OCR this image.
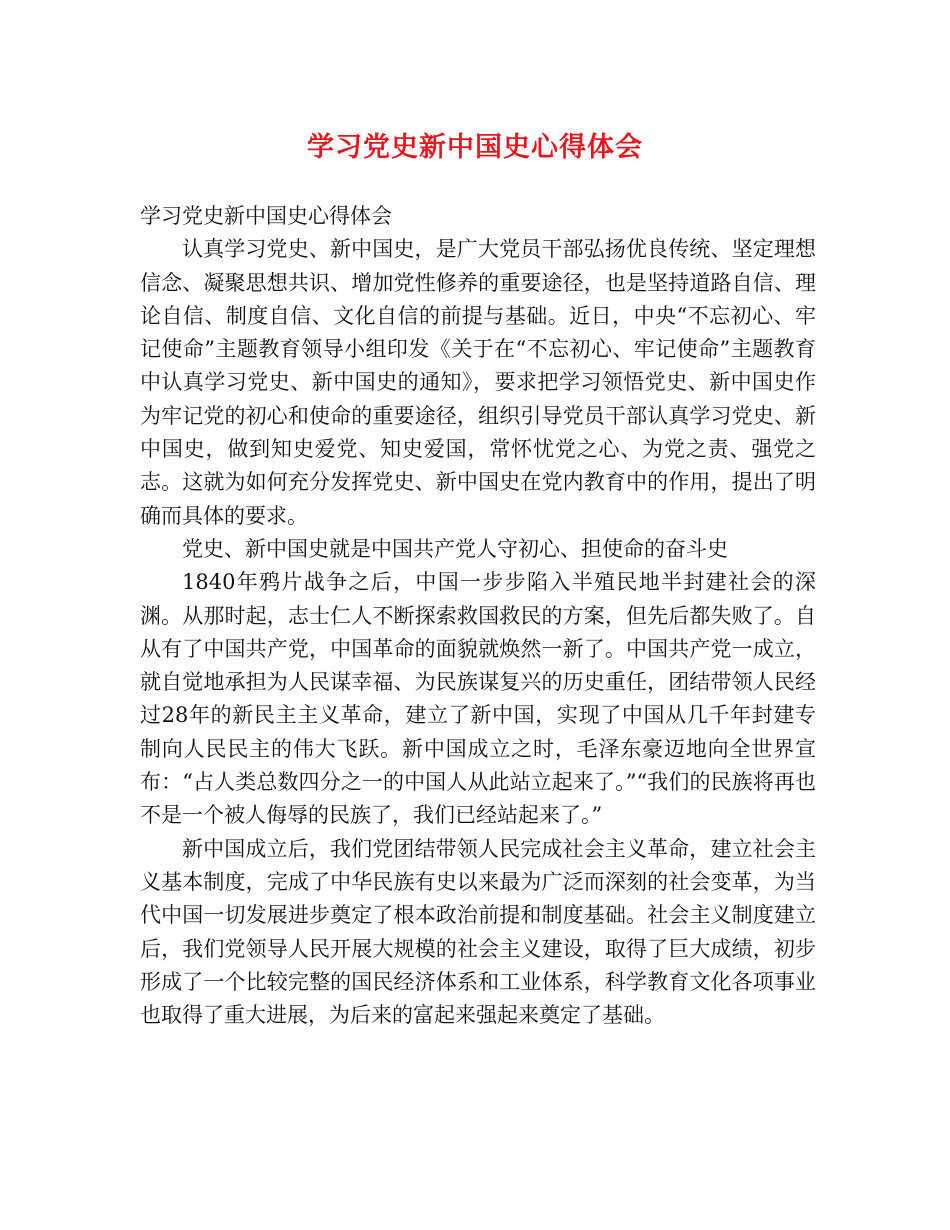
学习党史新中国史心得体会

学习党史新中国史心得体会

认真学习党史、新中国史，是广大党员干部弘扬优良传统、坚定理想信念、凝聚思想共识、增加党性修养的重要途径，也是坚持道路自信、理论自信、制度自信、文化自信的前提与基础。近日，中央“不忘初心、牢记使命”主题教育领导小组印发《关于在“不忘初心、牢记使命”主题教育中认真学习党史、新中国史的通知》，要求把学习领悟党史、新中国史作为牢记党的初心和使命的重要途径，组织引导党员干部认真学习党史、新中国史，做到知史爱党、知史爱国，常怀忧党之心、为党之责、强党之志。这就为如何充分发挥党史、新中国史在党内教育中的作用，提出了明确而具体的要求。

党史、新中国史就是中国共产党人守初心、担使命的奋斗史

1840年鸦片战争之后，中国一步步陷入半殖民地半封建社会的深渊。从那时起，志士仁人不断探索救国救民的方案，但先后都失败了。自从有了中国共产党，中国革命的面貌就焕然一新了。中国共产党一成立，就自觉地承担为人民谋幸福、为民族谋复兴的历史重任，团结带领人民经过28年的新民主主义革命，建立了新中国，实现了中国从几千年封建专制向人民民主的伟大飞跃。新中国成立之时，毛泽东豪迈地向全世界宣布：“占人类总数四分之一的中国人从此站立起来了。”“我们的民族将再也不是一个被人侮辱的民族了，我们已经站起来了。”

新中国成立后，我们党团结带领人民完成社会主义革命，建立社会主义基本制度，完成了中华民族有史以来最为广泛而深刻的社会变革，为当代中国一切发展进步奠定了根本政治前提和制度基础。社会主义制度建立后，我们党领导人民开展大规模的社会主义建设，取得了巨大成绩，初步形成了一个比较完整的国民经济体系和工业体系，科学教育文化各项事业也取得了重大进展，为后来的富起来强起来奠定了基础。
